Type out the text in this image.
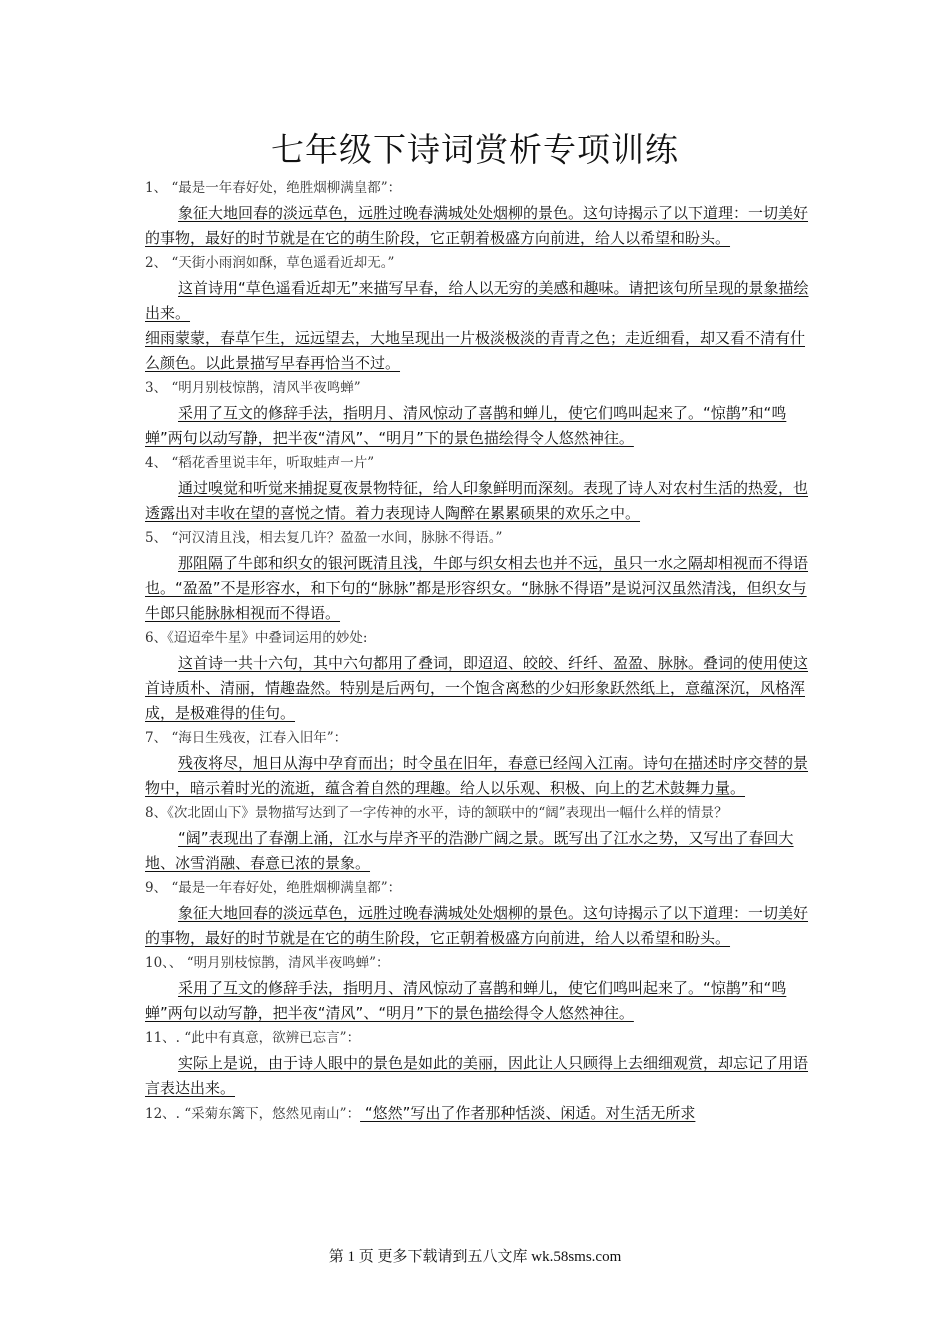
七年级下诗词赏析专项训练

1、 “最是一年春好处，绝胜烟柳满皇都”：

象征大地回春的淡远草色，远胜过晚春满城处处烟柳的景色。这句诗揭示了以下道理：一切美好的事物，最好的时节就是在它的萌生阶段，它正朝着极盛方向前进，给人以希望和盼头。

2、 “天街小雨润如酥，草色遥看近却无。”

这首诗用“草色遥看近却无”来描写早春，给人以无穷的美感和趣味。请把该句所呈现的景象描绘出来。

细雨蒙蒙，春草乍生，远远望去，大地呈现出一片极淡极淡的青青之色；走近细看，却又看不清有什么颜色。以此景描写早春再恰当不过。

3、 “明月别枝惊鹊，清风半夜鸣蝉”

采用了互文的修辞手法，指明月、清风惊动了喜鹊和蝉儿，使它们鸣叫起来了。“惊鹊”和“鸣蝉”两句以动写静，把半夜“清风”、“明月”下的景色描绘得令人悠然神往。

4、 “稻花香里说丰年，听取蛙声一片”

通过嗅觉和听觉来捕捉夏夜景物特征，给人印象鲜明而深刻。表现了诗人对农村生活的热爱，也透露出对丰收在望的喜悦之情。着力表现诗人陶醉在累累硕果的欢乐之中。

5、 “河汉清且浅，相去复几许？盈盈一水间，脉脉不得语。”

那阻隔了牛郎和织女的银河既清且浅，牛郎与织女相去也并不远，虽只一水之隔却相视而不得语也。“盈盈”不是形容水，和下句的“脉脉”都是形容织女。“脉脉不得语”是说河汉虽然清浅，但织女与牛郎只能脉脉相视而不得语。

6、《迢迢牵牛星》中叠词运用的妙处:

这首诗一共十六句，其中六句都用了叠词，即迢迢、皎皎、纤纤、盈盈、脉脉。叠词的使用使这首诗质朴、清丽，情趣盎然。特别是后两句，一个饱含离愁的少妇形象跃然纸上，意蕴深沉，风格浑成，是极难得的佳句。

7、 “海日生残夜，江春入旧年”：

残夜将尽，旭日从海中孕育而出；时令虽在旧年，春意已经闯入江南。诗句在描述时序交替的景物中，暗示着时光的流逝，蕴含着自然的理趣。给人以乐观、积极、向上的艺术鼓舞力量。

8、《次北固山下》景物描写达到了一字传神的水平，诗的颔联中的“阔”表现出一幅什么样的情景？

“阔”表现出了春潮上涌，江水与岸齐平的浩渺广阔之景。既写出了江水之势，又写出了春回大地、冰雪消融、春意已浓的景象。

9、 “最是一年春好处，绝胜烟柳满皇都”：

象征大地回春的淡远草色，远胜过晚春满城处处烟柳的景色。这句诗揭示了以下道理：一切美好的事物，最好的时节就是在它的萌生阶段，它正朝着极盛方向前进，给人以希望和盼头。

10、、 “明月别枝惊鹊，清风半夜鸣蝉”：

采用了互文的修辞手法，指明月、清风惊动了喜鹊和蝉儿，使它们鸣叫起来了。“惊鹊”和“鸣蝉”两句以动写静，把半夜“清风”、“明月”下的景色描绘得令人悠然神往。

11、. “此中有真意，欲辨已忘言”：

实际上是说，由于诗人眼中的景色是如此的美丽，因此让人只顾得上去细细观赏，却忘记了用语言表达出来。

12、. “采菊东篱下，悠然见南山”： “悠然”写出了作者那种恬淡、闲适。对生活无所求

第 1 页 更多下载请到五八文库 wk.58sms.com
